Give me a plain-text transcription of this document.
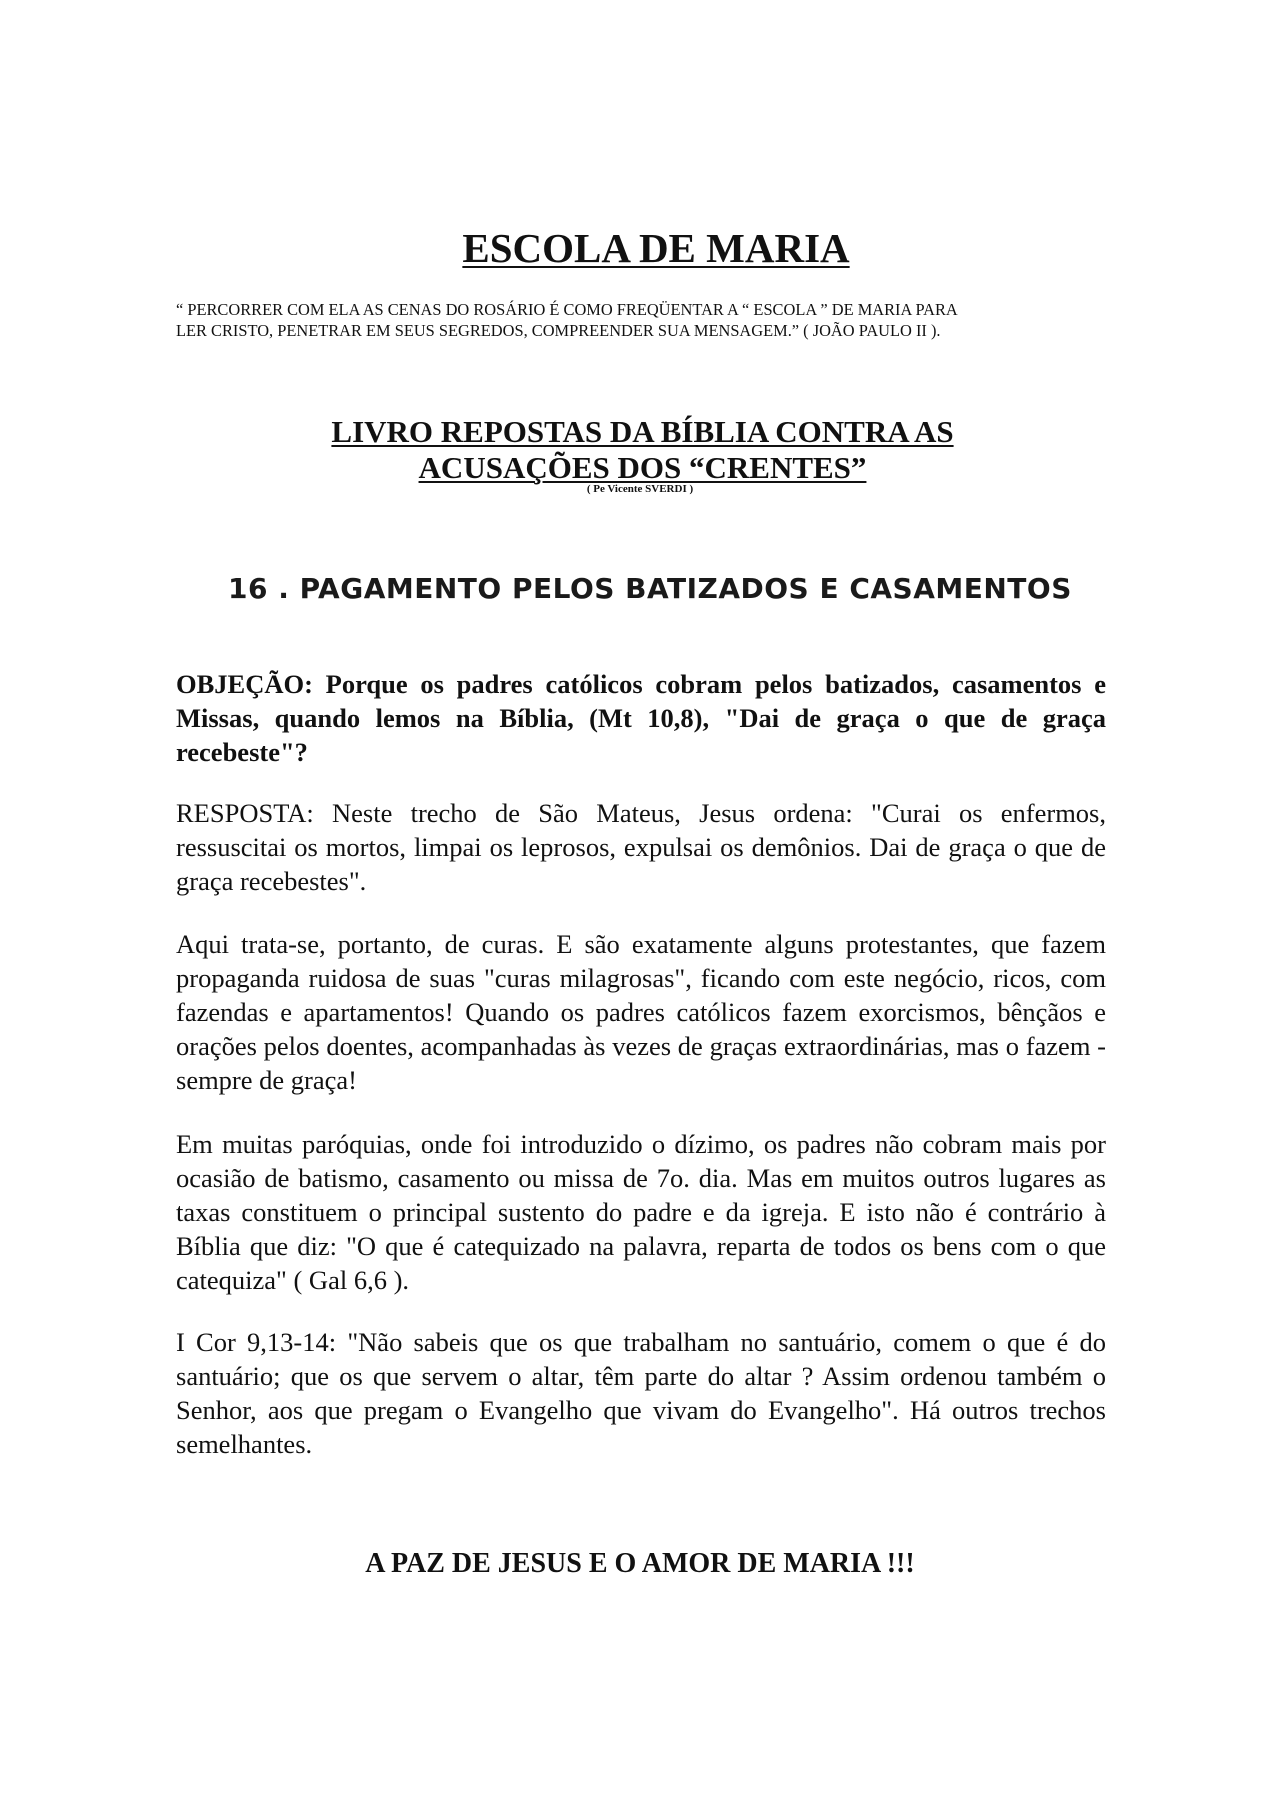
ESCOLA DE MARIA

“ PERCORRER COM ELA AS CENAS DO ROSÁRIO É COMO FREQÜENTAR A “ ESCOLA ” DE MARIA PARA
LER CRISTO, PENETRAR EM SEUS SEGREDOS, COMPREENDER SUA MENSAGEM.” ( JOÃO PAULO II ).

LIVRO REPOSTAS DA BÍBLIA CONTRA AS
ACUSAÇÕES DOS “CRENTES”

( Pe Vicente SVERDI )

16 . PAGAMENTO PELOS BATIZADOS E CASAMENTOS

OBJEÇÃO: Porque os padres católicos cobram pelos batizados, casamentos e Missas, quando lemos na Bíblia, (Mt 10,8), "Dai de graça o que de graça recebeste"?

RESPOSTA: Neste trecho de São Mateus, Jesus ordena: "Curai os enfermos, ressuscitai os mortos, limpai os leprosos, expulsai os demônios. Dai de graça o que de graça recebestes".

Aqui trata-se, portanto, de curas. E são exatamente alguns protestantes, que fazem propaganda ruidosa de suas "curas milagrosas", ficando com este negócio, ricos, com fazendas e apartamentos! Quando os padres católicos fazem exorcismos, bênçãos e orações pelos doentes, acompanhadas às vezes de graças extraordinárias, mas o fazem - sempre de graça!

Em muitas paróquias, onde foi introduzido o dízimo, os padres não cobram mais por ocasião de batismo, casamento ou missa de 7o. dia. Mas em muitos outros lugares as taxas constituem o principal sustento do padre e da igreja. E isto não é contrário à Bíblia que diz: "O que é catequizado na palavra, reparta de todos os bens com o que catequiza" ( Gal 6,6 ).

I Cor 9,13-14: "Não sabeis que os que trabalham no santuário, comem o que é do santuário; que os que servem o altar, têm parte do altar ? Assim ordenou também o Senhor, aos que pregam o Evangelho que vivam do Evangelho". Há outros trechos semelhantes.

A PAZ DE JESUS E O AMOR DE MARIA !!!
